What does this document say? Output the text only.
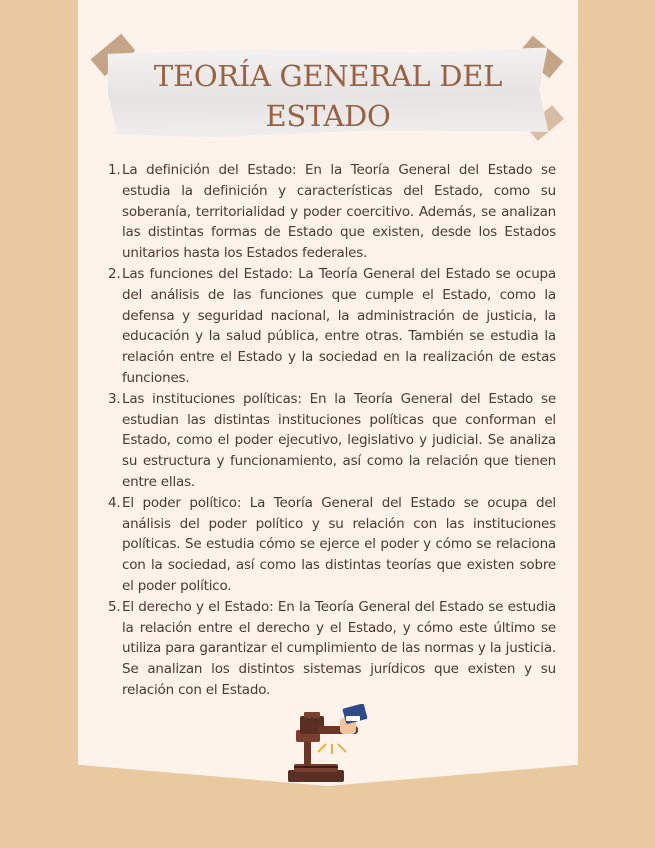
TEORÍA GENERAL DEL ESTADO
1. La definición del Estado: En la Teoría General del Estado se estudia la definición y características del Estado, como su soberanía, territorialidad y poder coercitivo. Además, se analizan las distintas formas de Estado que existen, desde los Estados unitarios hasta los Estados federales.
2. Las funciones del Estado: La Teoría General del Estado se ocupa del análisis de las funciones que cumple el Estado, como la defensa y seguridad nacional, la administración de justicia, la educación y la salud pública, entre otras. También se estudia la relación entre el Estado y la sociedad en la realización de estas funciones.
3. Las instituciones políticas: En la Teoría General del Estado se estudian las distintas instituciones políticas que conforman el Estado, como el poder ejecutivo, legislativo y judicial. Se analiza su estructura y funcionamiento, así como la relación que tienen entre ellas.
4. El poder político: La Teoría General del Estado se ocupa del análisis del poder político y su relación con las instituciones políticas. Se estudia cómo se ejerce el poder y cómo se relaciona con la sociedad, así como las distintas teorías que existen sobre el poder político.
5. El derecho y el Estado: En la Teoría General del Estado se estudia la relación entre el derecho y el Estado, y cómo este último se utiliza para garantizar el cumplimiento de las normas y la justicia. Se analizan los distintos sistemas jurídicos que existen y su relación con el Estado.
